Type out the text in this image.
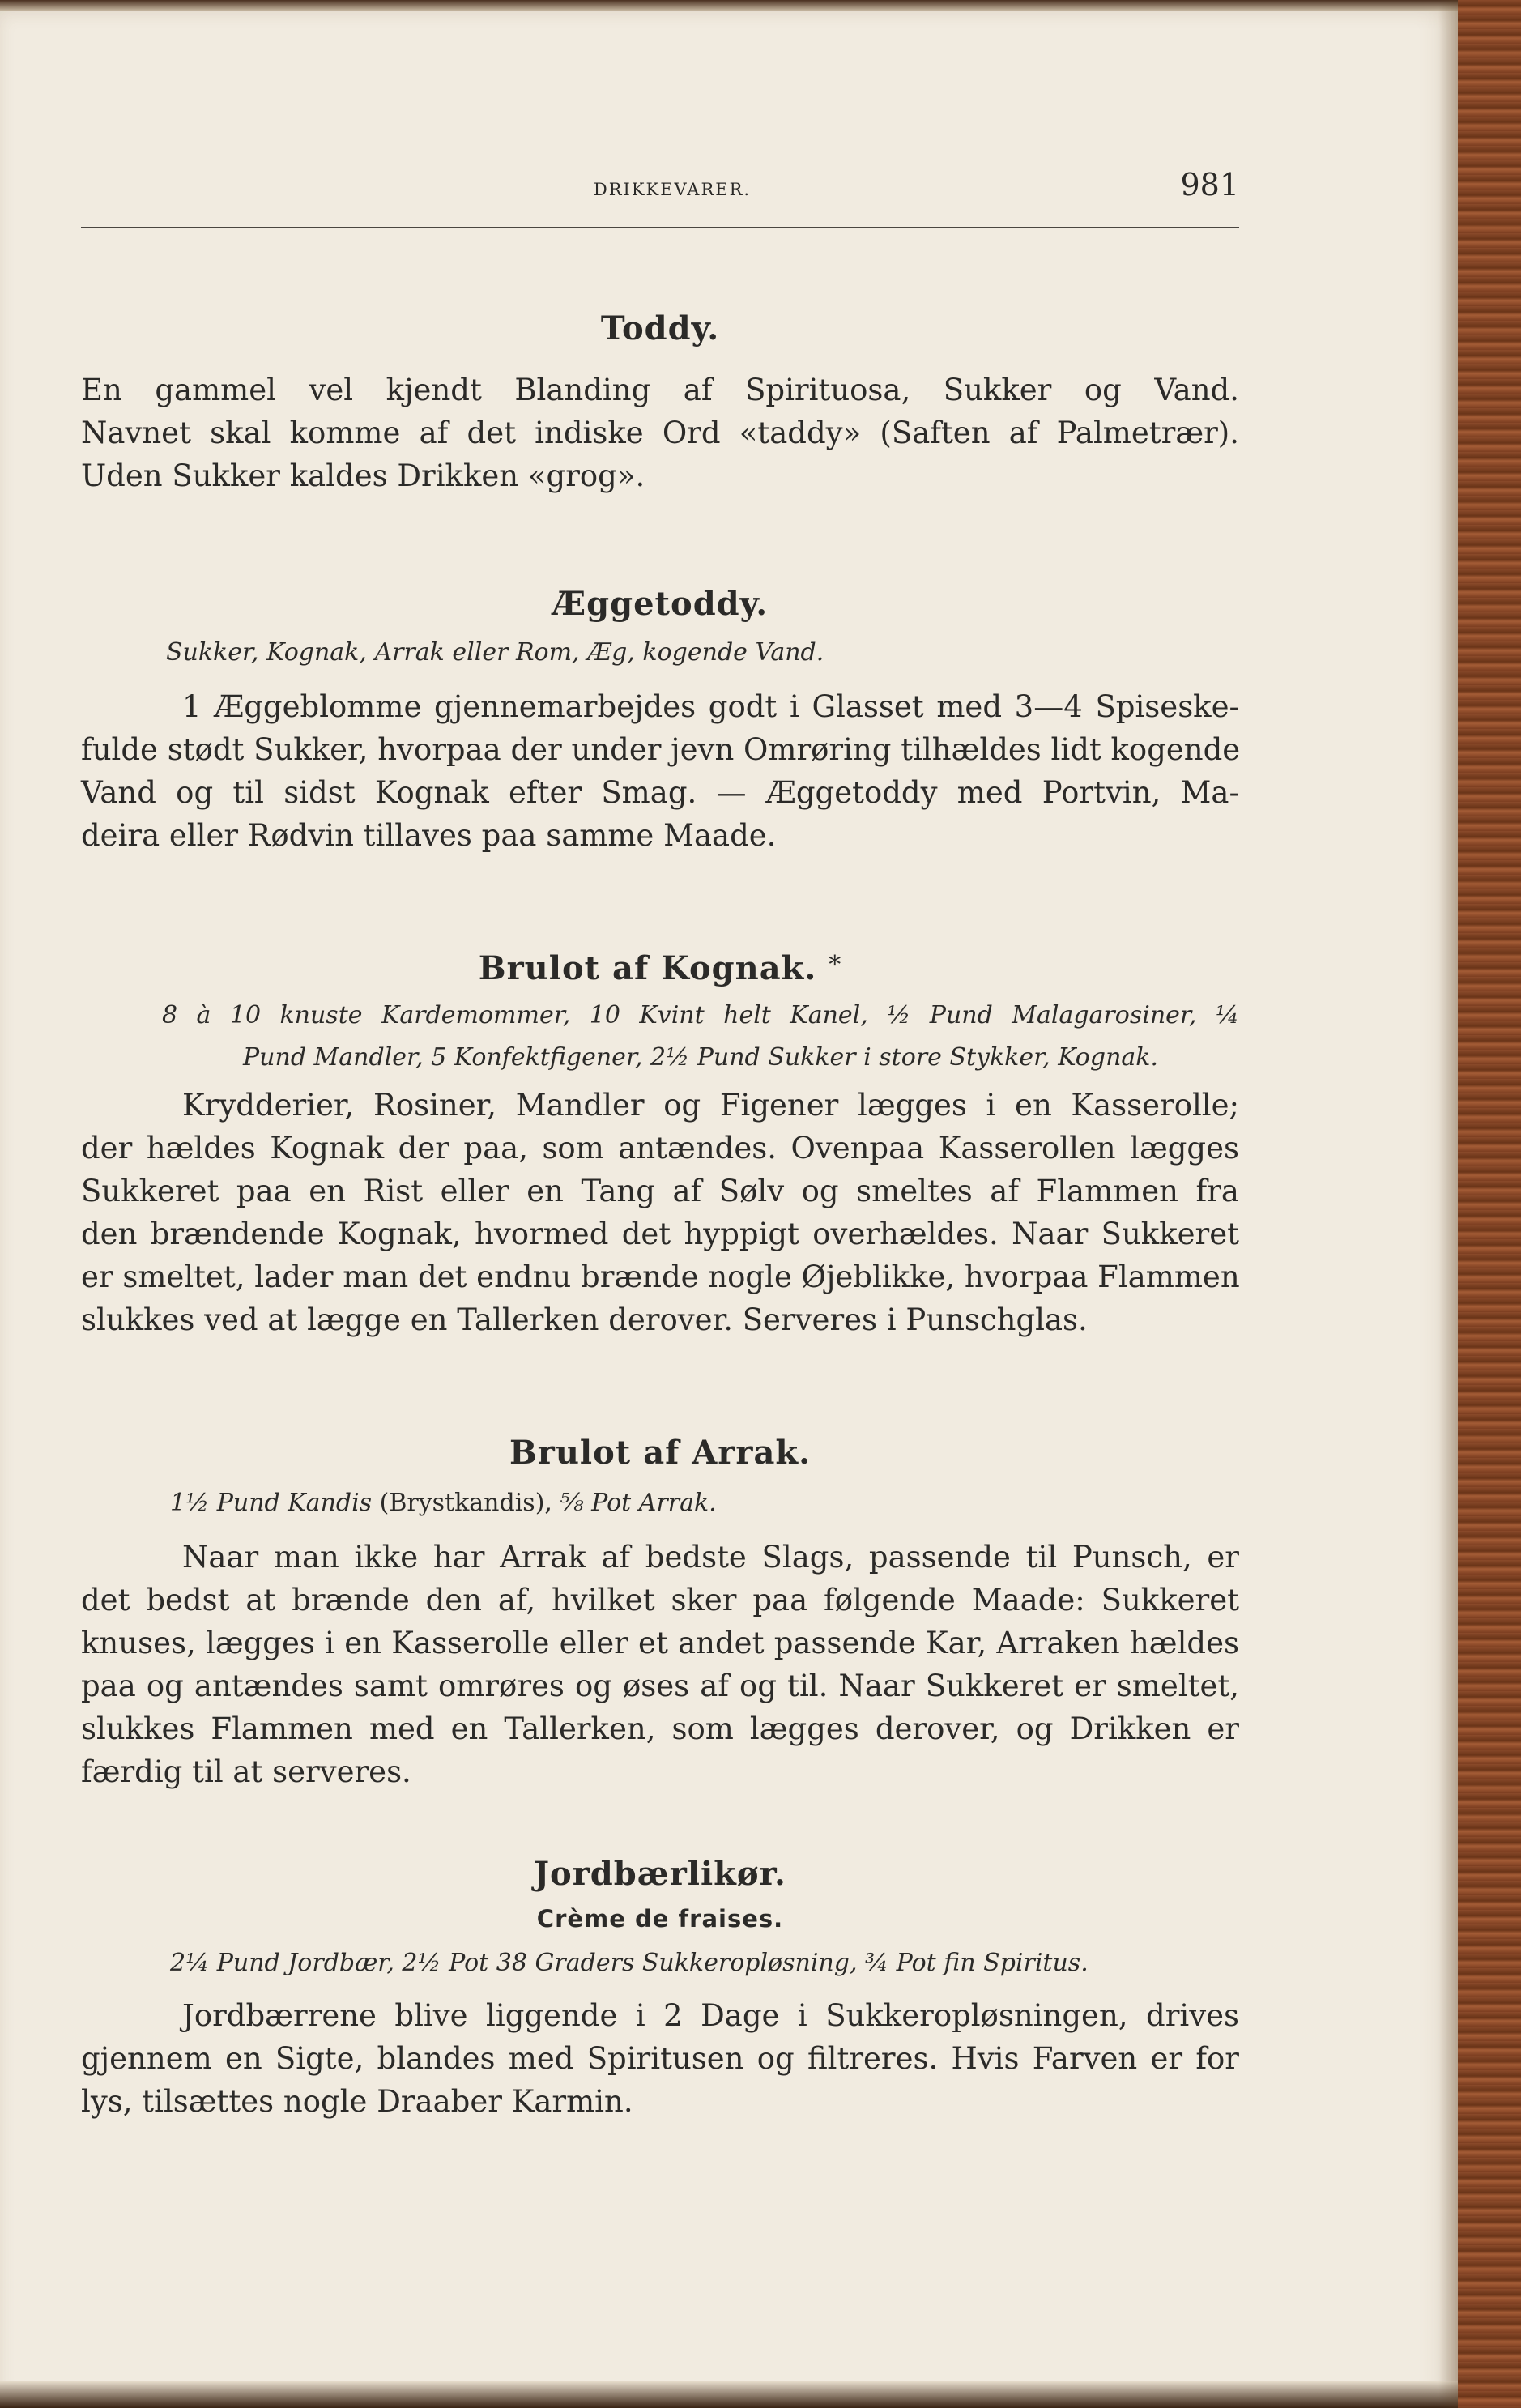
DRIKKEVARER.	981
Toddy.
En gammel vel kjendt Blanding af Spirituosa, Sukker og Vand.
Navnet skal komme af det indiske Ord «taddy» (Saften af Palmetrær).
Uden Sukker kaldes Drikken «grog».
Æggetoddy.
Sukker, Kognak, Arrak eller Rom, Æg, kogende Vand.
1 Æggeblomme gjennemarbejdes godt i Glasset med 3—4 Spiseske-
fulde stødt Sukker, hvorpaa der under jevn Omrøring tilhældes lidt kogende
Vand og til sidst Kognak efter Smag. — Æggetoddy med Portvin, Ma-
deira eller Rødvin tillaves paa samme Maade.
Brulot af Kognak. *
8 à 10 knuste Kardemommer, 10 Kvint helt Kanel, ½ Pund Malagarosiner, ¼
Pund Mandler, 5 Konfektfigener, 2½ Pund Sukker i store Stykker, Kognak.
Krydderier, Rosiner, Mandler og Figener lægges i en Kasserolle;
der hældes Kognak der paa, som antændes. Ovenpaa Kasserollen lægges
Sukkeret paa en Rist eller en Tang af Sølv og smeltes af Flammen fra
den brændende Kognak, hvormed det hyppigt overhældes. Naar Sukkeret
er smeltet, lader man det endnu brænde nogle Øjeblikke, hvorpaa Flammen
slukkes ved at lægge en Tallerken derover. Serveres i Punschglas.
Brulot af Arrak.
1½ Pund Kandis (Brystkandis), ⅝ Pot Arrak.
Naar man ikke har Arrak af bedste Slags, passende til Punsch, er
det bedst at brænde den af, hvilket sker paa følgende Maade: Sukkeret
knuses, lægges i en Kasserolle eller et andet passende Kar, Arraken hældes
paa og antændes samt omrøres og øses af og til. Naar Sukkeret er smeltet,
slukkes Flammen med en Tallerken, som lægges derover, og Drikken er
færdig til at serveres.
Jordbærlikør.
Crème de fraises.
2¼ Pund Jordbær, 2½ Pot 38 Graders Sukkeropløsning, ¾ Pot fin Spiritus.
Jordbærrene blive liggende i 2 Dage i Sukkeropløsningen, drives
gjennem en Sigte, blandes med Spiritusen og filtreres. Hvis Farven er for
lys, tilsættes nogle Draaber Karmin.
